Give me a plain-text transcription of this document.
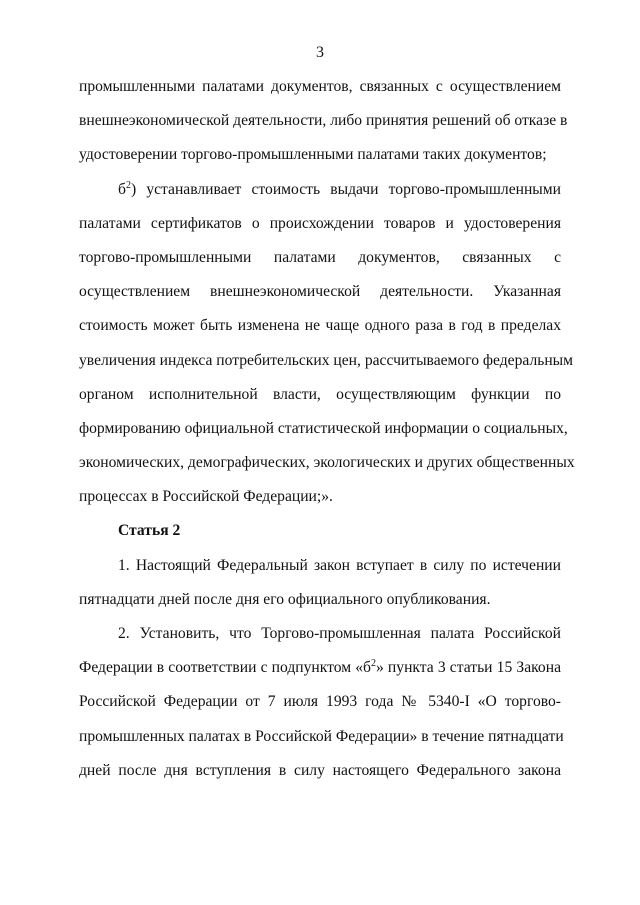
3
промышленными палатами документов, связанных с осуществлением
внешнеэкономической деятельности, либо принятия решений об отказе в
удостоверении торгово-промышленными палатами таких документов;
$б^2$) устанавливает стоимость выдачи торгово-промышленными
палатами сертификатов о происхождении товаров и удостоверения
торгово-промышленными палатами документов, связанных с
осуществлением внешнеэкономической деятельности. Указанная
стоимость может быть изменена не чаще одного раза в год в пределах
увеличения индекса потребительских цен, рассчитываемого федеральным
органом исполнительной власти, осуществляющим функции по
формированию официальной статистической информации о социальных,
экономических, демографических, экологических и других общественных
процессах в Российской Федерации;».
Статья 2
1. Настоящий Федеральный закон вступает в силу по истечении
пятнадцати дней после дня его официального опубликования.
2. Установить, что Торгово-промышленная палата Российской
Федерации в соответствии с подпунктом «$б^2$» пункта 3 статьи 15 Закона
Российской Федерации от 7 июля 1993 года № 5340-I «О торгово-
промышленных палатах в Российской Федерации» в течение пятнадцати
дней после дня вступления в силу настоящего Федерального закона
